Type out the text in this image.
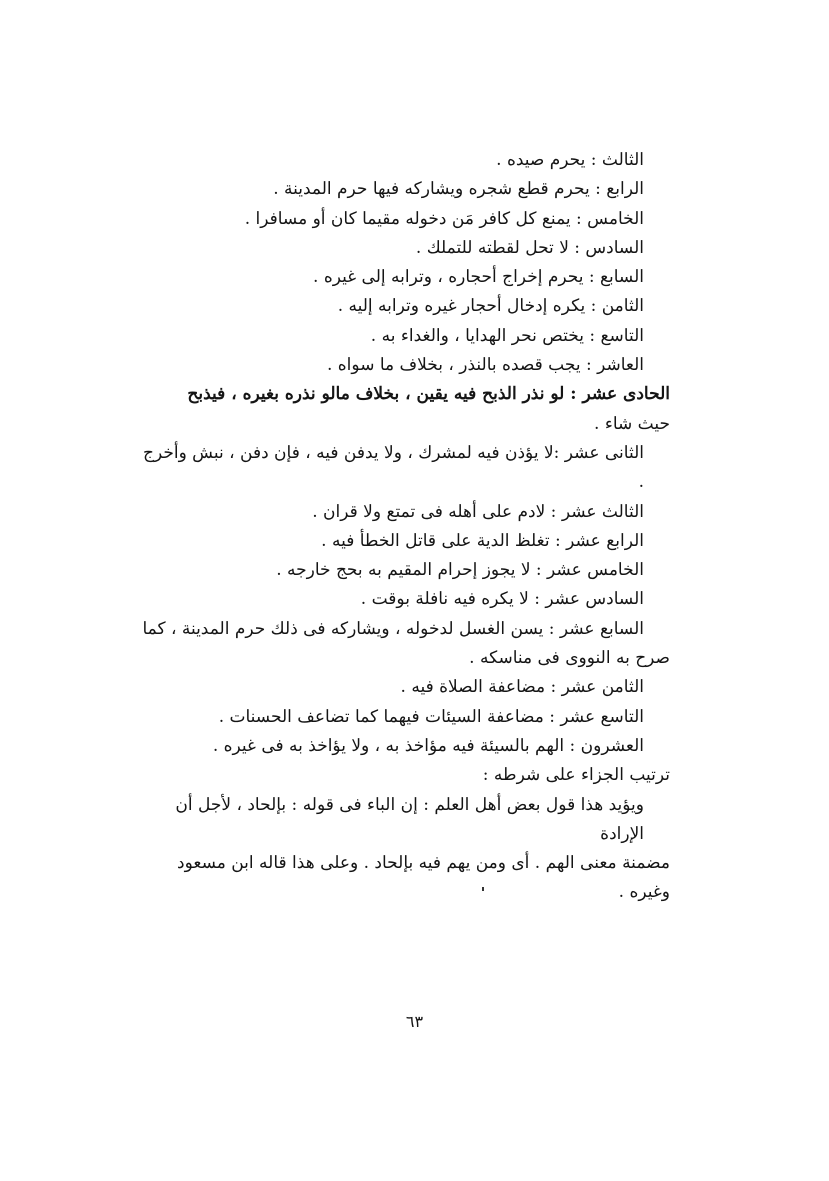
الثالث : يحرم صيده .

الرابع : يحرم قطع شجره ويشاركه فيها حرم المدينة .

الخامس : يمنع كل كافر مَن دخوله مقيما كان أو مسافرا .

السادس : لا تحل لقطته للتملك .

السابع : يحرم إخراج أحجاره ، وترابه إلى غيره .

الثامن : يكره إدخال أحجار غيره وترابه إليه .

التاسع : يختص نحر الهدايا ، والغداء به .

العاشر : يجب قصده بالنذر ، بخلاف ما سواه .

الحادى عشر : لو نذر الذبح فيه يقين ، بخلاف مالو نذره بغيره ، فيذبح

حيث شاء .

الثانى عشر :لا يؤذن فيه لمشرك ، ولا يدفن فيه ، فإن دفن ، نبش وأخرج .

الثالث عشر : لادم على أهله فى تمتع ولا قران .

الرابع عشر : تغلظ الدية على قاتل الخطأ فيه .

الخامس عشر : لا يجوز إحرام المقيم به بحج خارجه .

السادس عشر : لا يكره فيه نافلة بوقت .

السابع عشر : يسن الغسل لدخوله ، ويشاركه فى ذلك حرم المدينة ، كما

صرح به النووى فى مناسكه .

الثامن عشر : مضاعفة الصلاة فيه .

التاسع عشر : مضاعفة السيئات فيهما كما تضاعف الحسنات .

العشرون : الهم بالسيئة فيه مؤاخذ به ، ولا يؤاخذ به فى غيره .

ترتيب الجزاء على شرطه :

ويؤيد هذا قول بعض أهل العلم : إن الباء فى قوله : بإلحاد ، لأجل أن الإرادة

مضمنة معنى الهم . أى ومن يهم فيه بإلحاد . وعلى هذا قاله ابن مسعود وغيره .

٦٣
